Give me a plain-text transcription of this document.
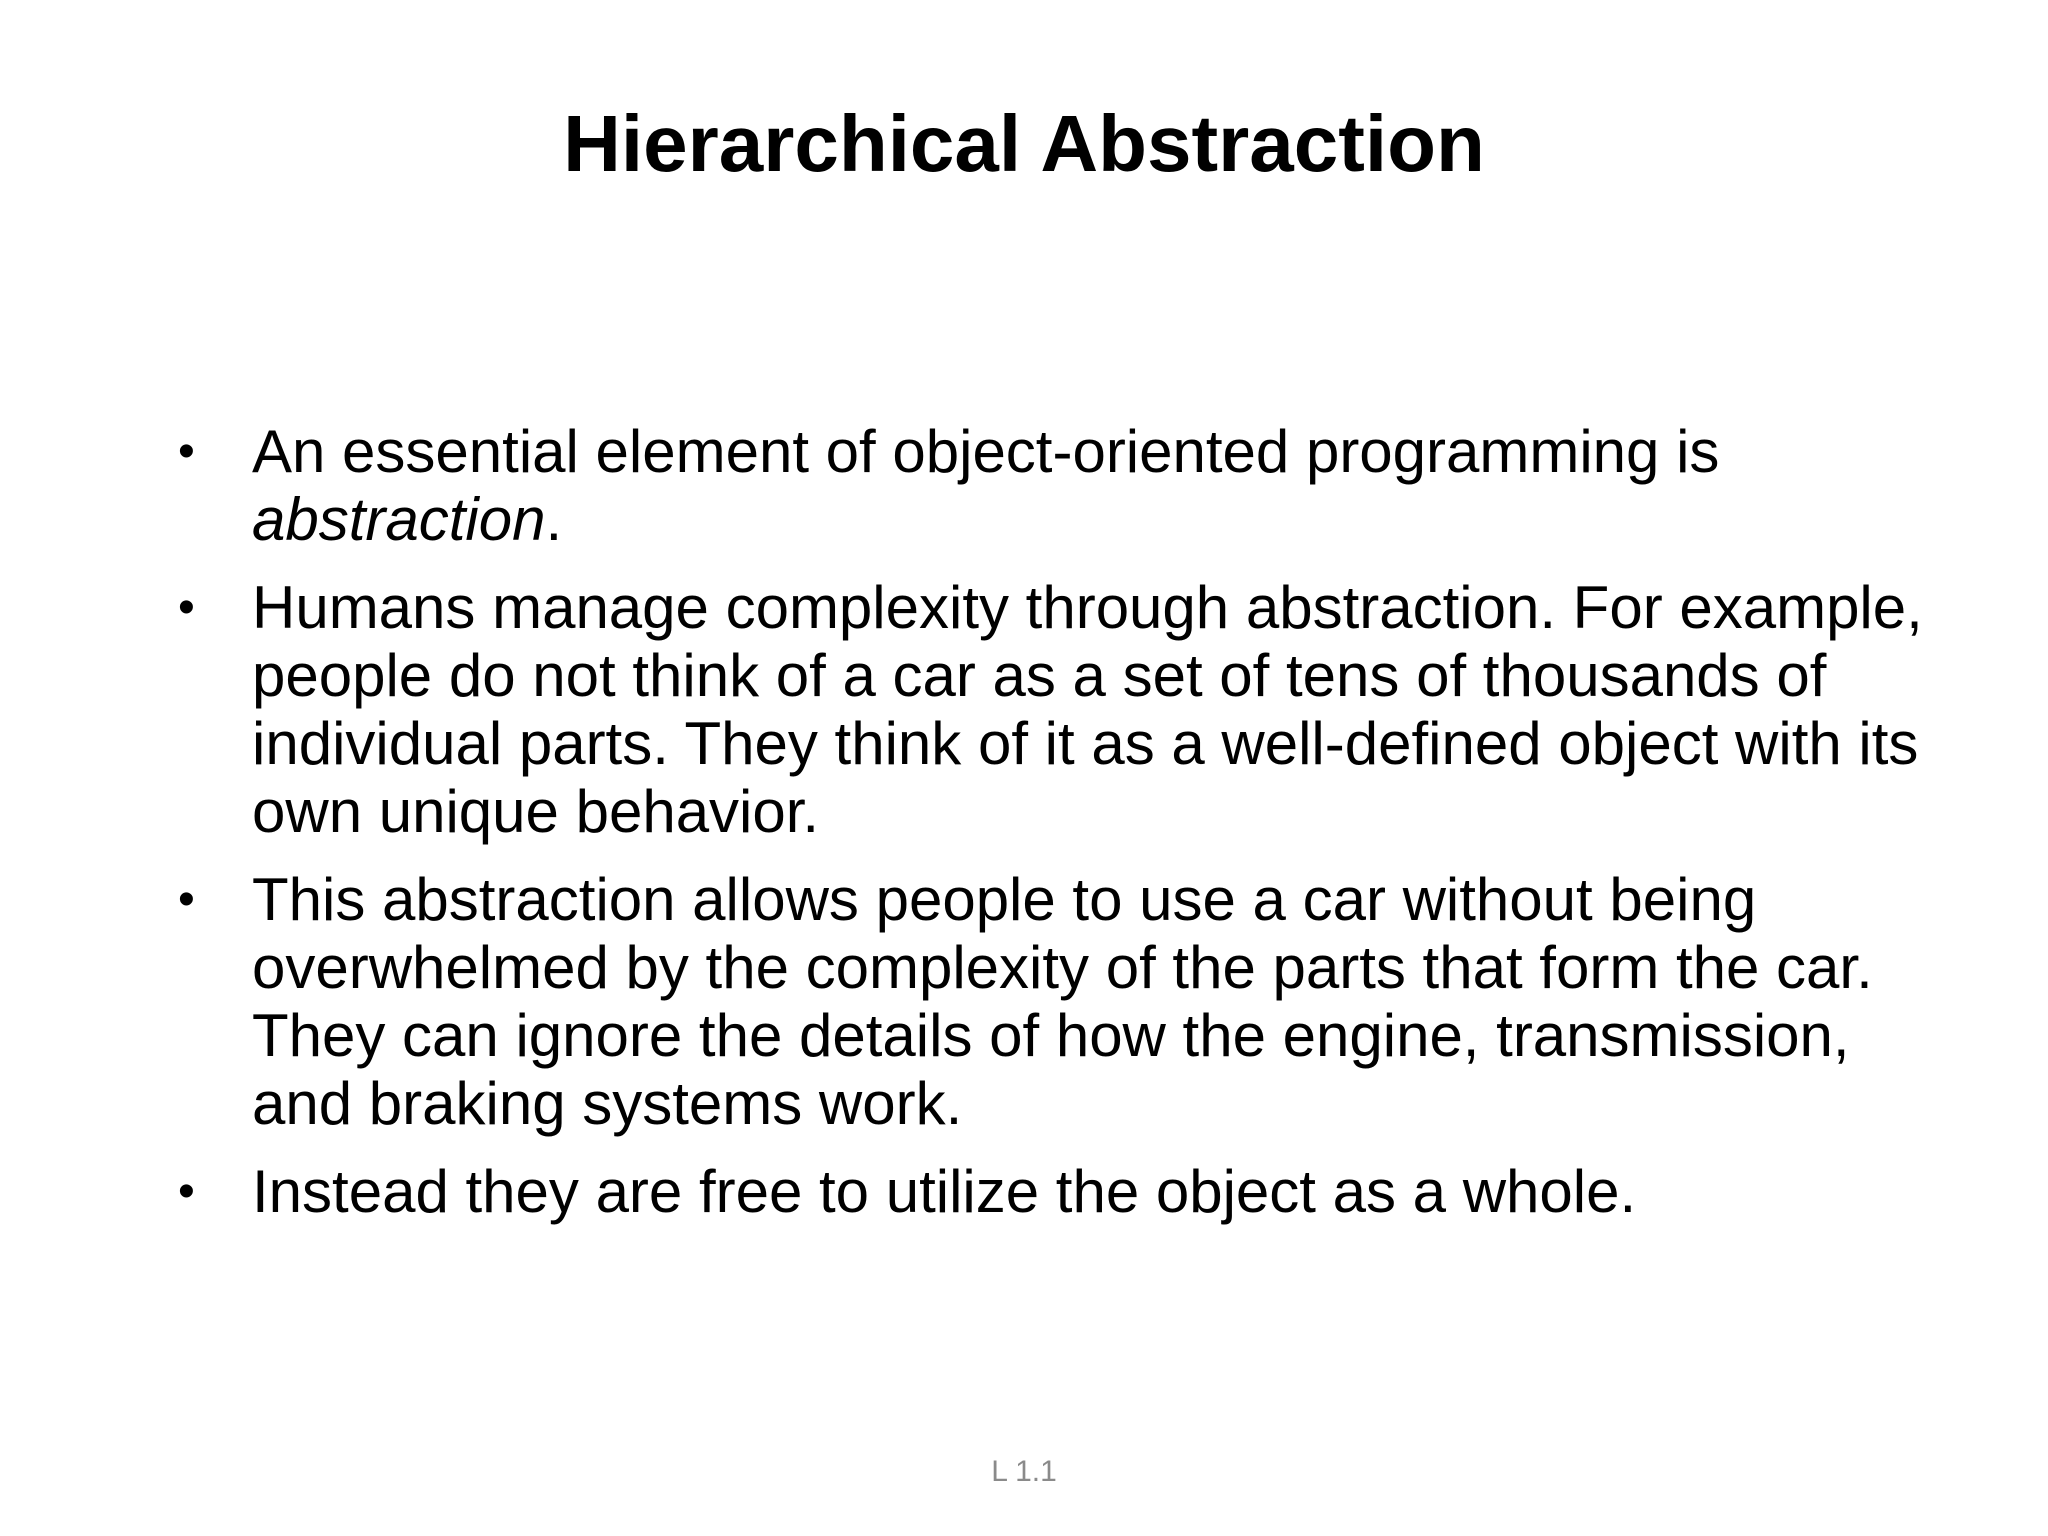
Hierarchical Abstraction
• An essential element of object-oriented programming is abstraction.
• Humans manage complexity through abstraction. For example, people do not think of a car as a set of tens of thousands of individual parts. They think of it as a well-defined object with its own unique behavior.
• This abstraction allows people to use a car without being overwhelmed by the complexity of the parts that form the car. They can ignore the details of how the engine, transmission, and braking systems work.
• Instead they are free to utilize the object as a whole.
L 1.1
